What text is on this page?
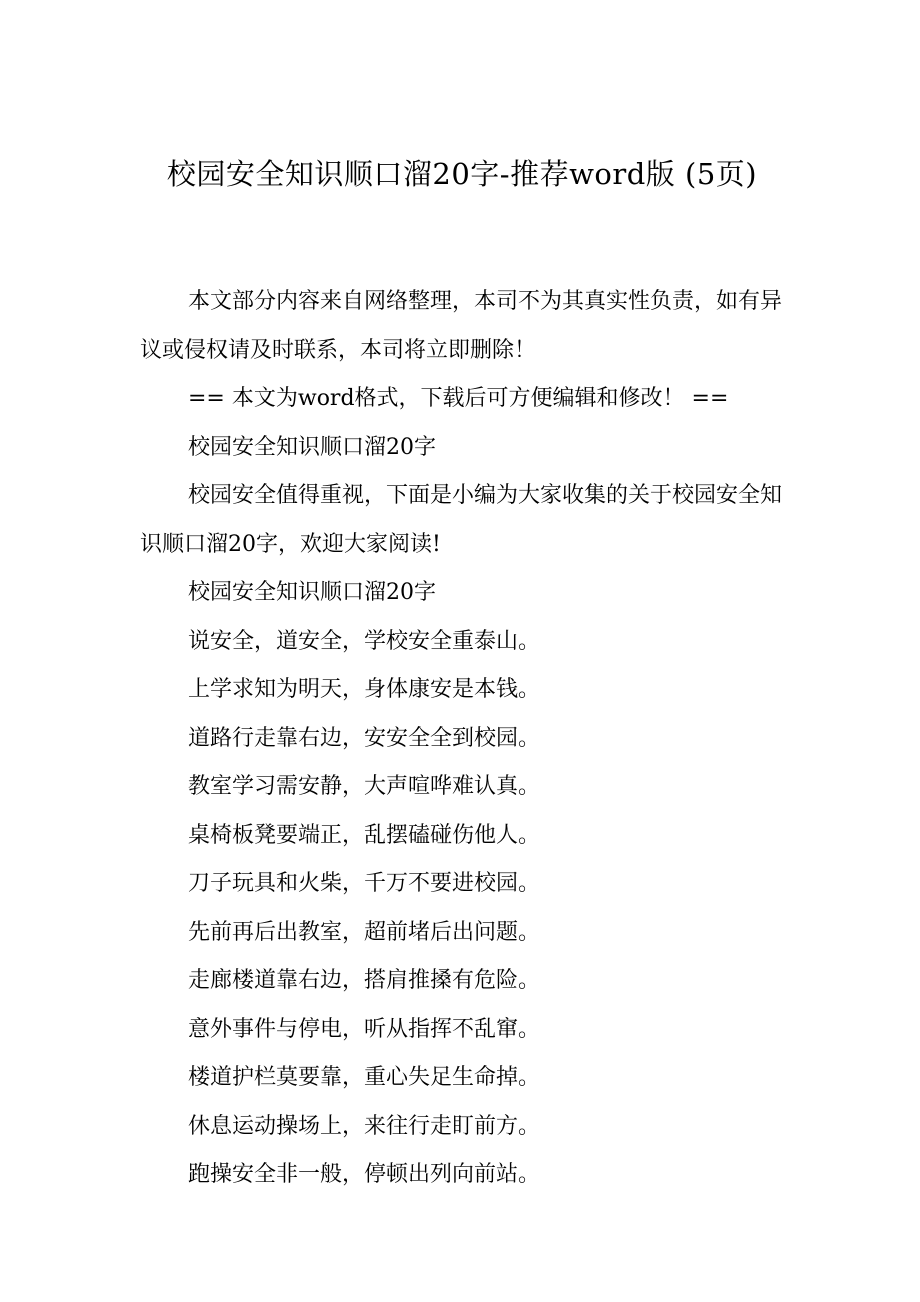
校园安全知识顺口溜20字-推荐word版 (5页)

本文部分内容来自网络整理，本司不为其真实性负责，如有异议或侵权请及时联系，本司将立即删除！

== 本文为word格式，下载后可方便编辑和修改！ ==

校园安全知识顺口溜20字

校园安全值得重视，下面是小编为大家收集的关于校园安全知识顺口溜20字，欢迎大家阅读!

校园安全知识顺口溜20字

说安全，道安全，学校安全重泰山。

上学求知为明天，身体康安是本钱。

道路行走靠右边，安安全全到校园。

教室学习需安静，大声喧哗难认真。

桌椅板凳要端正，乱摆磕碰伤他人。

刀子玩具和火柴，千万不要进校园。

先前再后出教室，超前堵后出问题。

走廊楼道靠右边，搭肩推搡有危险。

意外事件与停电，听从指挥不乱窜。

楼道护栏莫要靠，重心失足生命掉。

休息运动操场上，来往行走盯前方。

跑操安全非一般，停顿出列向前站。
